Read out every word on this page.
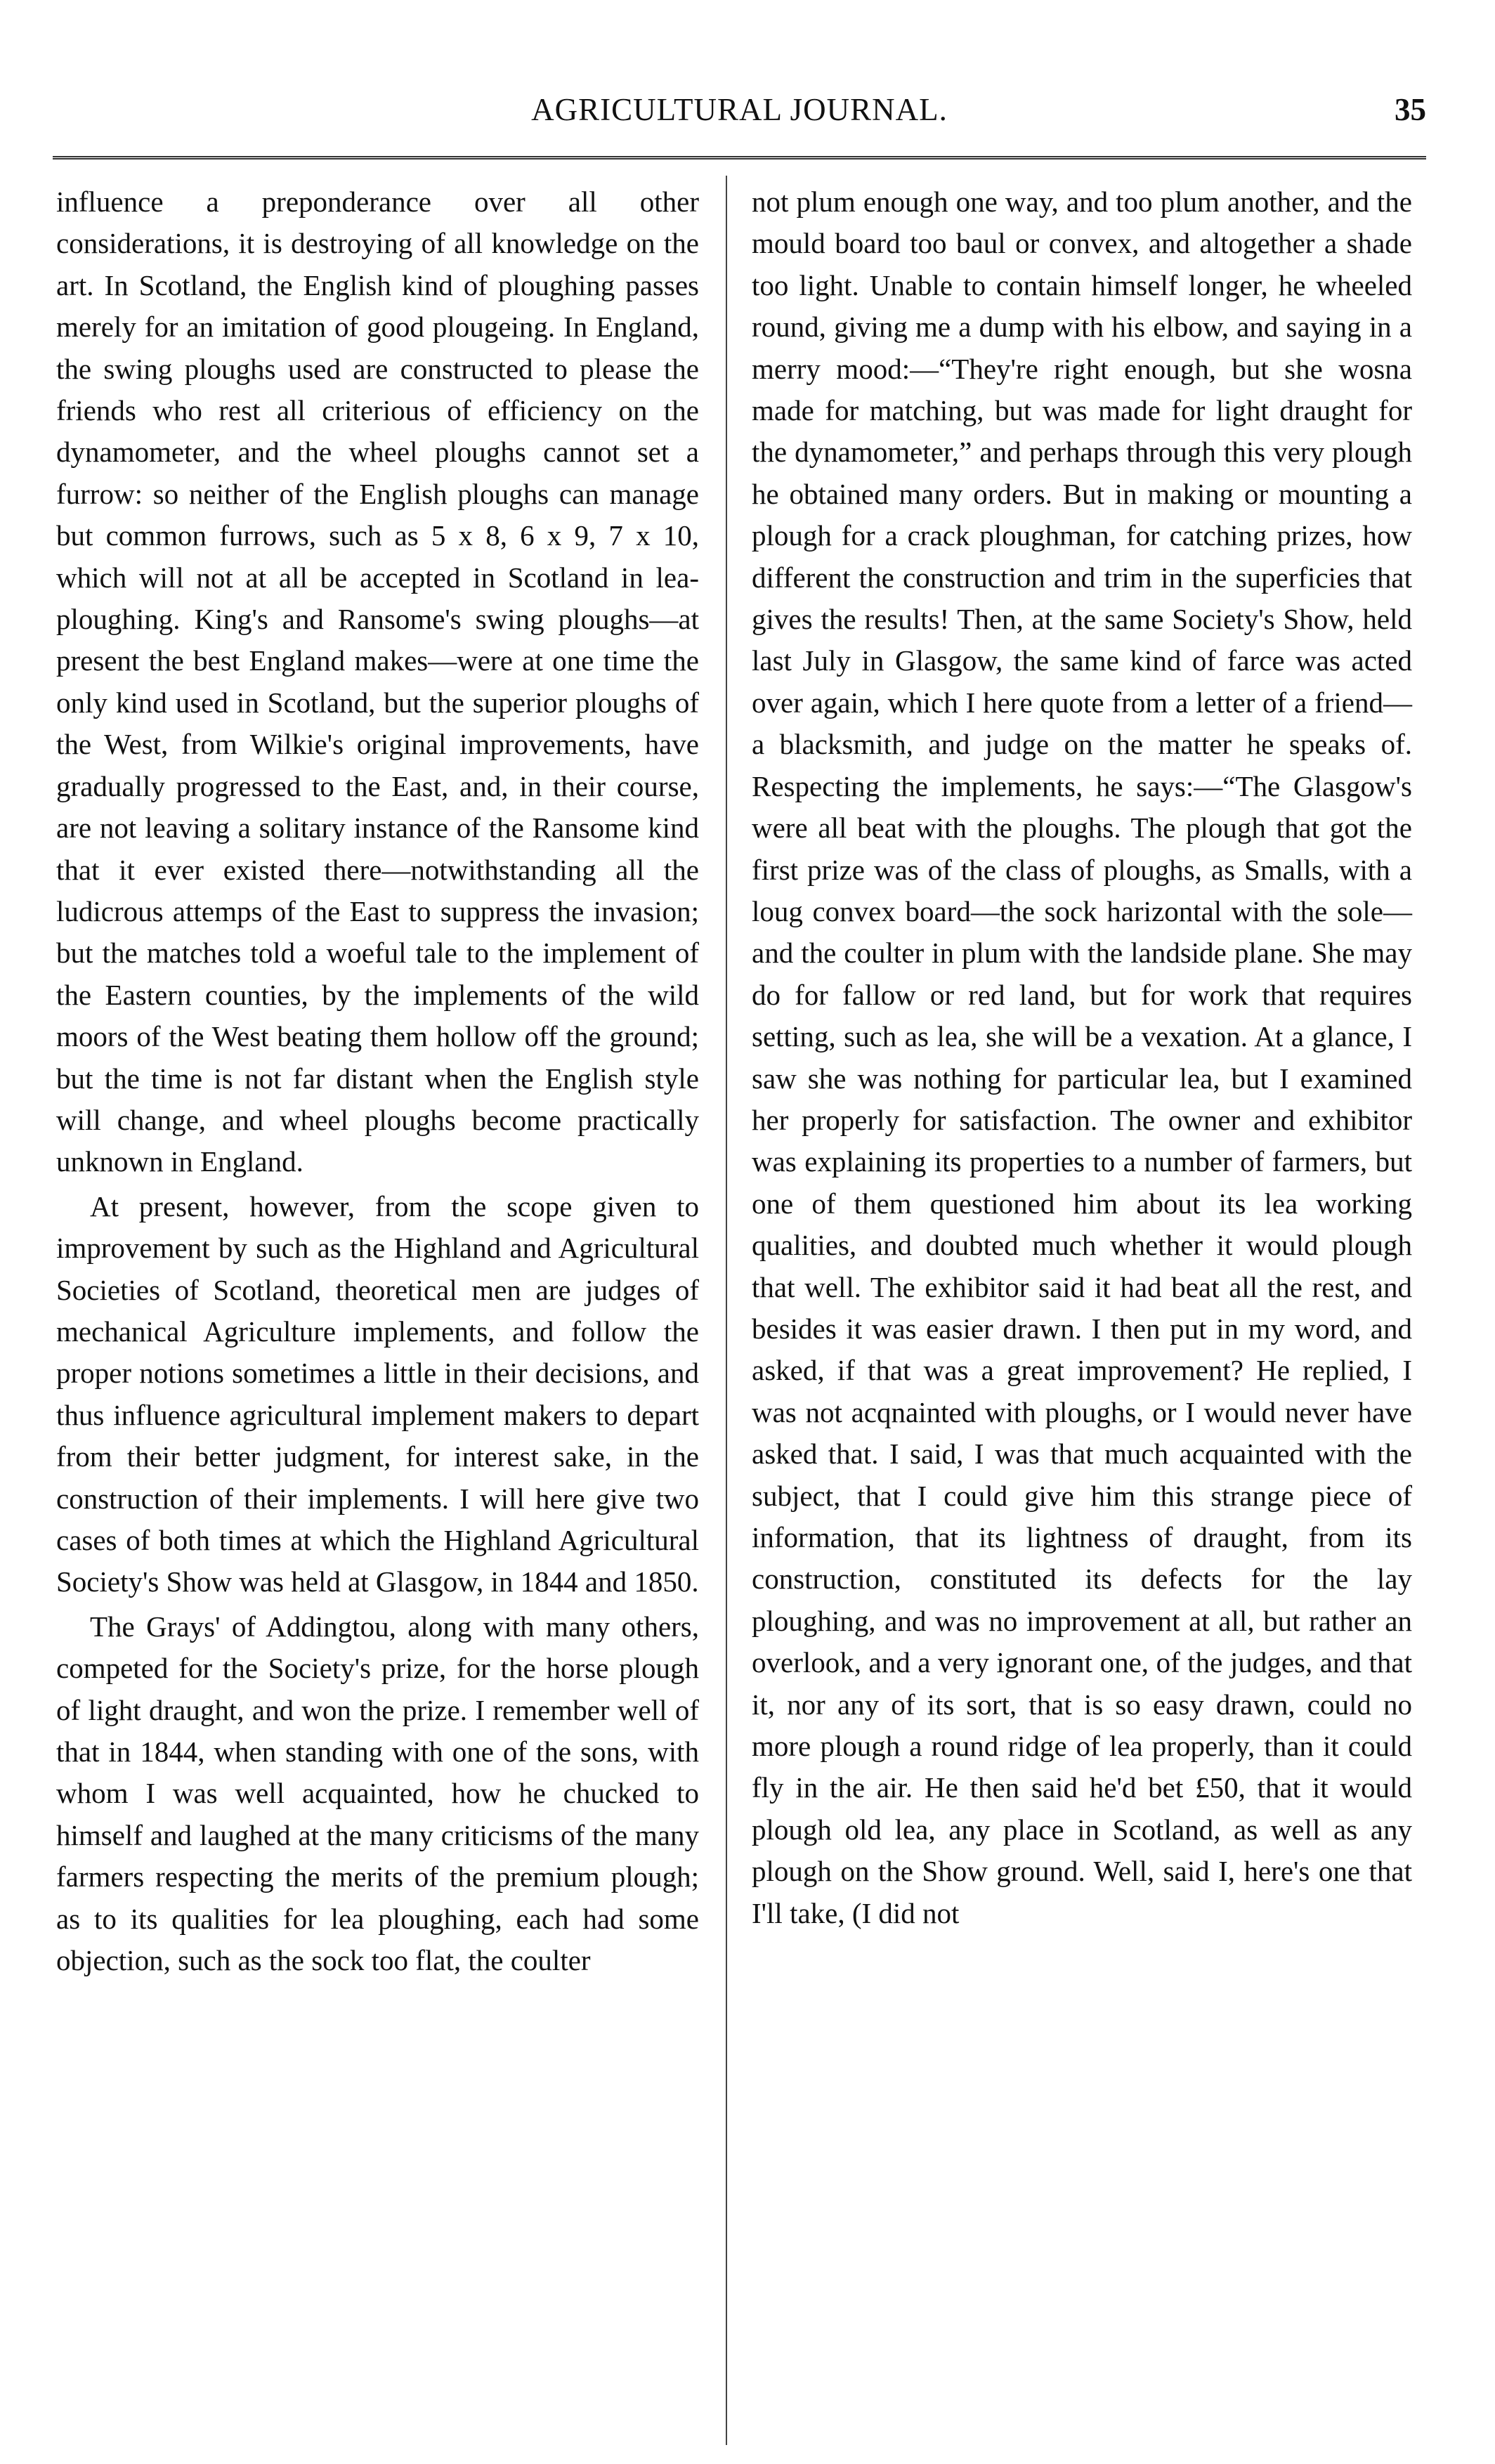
AGRICULTURAL JOURNAL.	35

influence a preponderance over all other considerations, it is destroying of all knowledge on the art. In Scotland, the English kind of ploughing passes merely for an imitation of good plougeing. In England, the swing ploughs used are constructed to please the friends who rest all criterious of efficiency on the dynamometer, and the wheel ploughs cannot set a furrow: so neither of the English ploughs can manage but common furrows, such as 5 x 8, 6 x 9, 7 x 10, which will not at all be accepted in Scotland in lea-ploughing. King's and Ransome's swing ploughs—at present the best England makes—were at one time the only kind used in Scotland, but the superior ploughs of the West, from Wilkie's original improvements, have gradually progressed to the East, and, in their course, are not leaving a solitary instance of the Ransome kind that it ever existed there—notwithstanding all the ludicrous attemps of the East to suppress the invasion; but the matches told a woeful tale to the implement of the Eastern counties, by the implements of the wild moors of the West beating them hollow off the ground; but the time is not far distant when the English style will change, and wheel ploughs become practically unknown in England.

At present, however, from the scope given to improvement by such as the Highland and Agricultural Societies of Scotland, theoretical men are judges of mechanical Agriculture implements, and follow the proper notions sometimes a little in their decisions, and thus influence agricultural implement makers to depart from their better judgment, for interest sake, in the construction of their implements. I will here give two cases of both times at which the Highland Agricultural Society's Show was held at Glasgow, in 1844 and 1850.

The Grays' of Addingtou, along with many others, competed for the Society's prize, for the horse plough of light draught, and won the prize. I remember well of that in 1844, when standing with one of the sons, with whom I was well acquainted, how he chucked to himself and laughed at the many criticisms of the many farmers respecting the merits of the premium plough; as to its qualities for lea ploughing, each had some objection, such as the sock too flat, the coulter

not plum enough one way, and too plum another, and the mould board too baul or convex, and altogether a shade too light. Unable to contain himself longer, he wheeled round, giving me a dump with his elbow, and saying in a merry mood:—“They're right enough, but she wosna made for matching, but was made for light draught for the dynamometer,” and perhaps through this very plough he obtained many orders. But in making or mounting a plough for a crack ploughman, for catching prizes, how different the construction and trim in the superficies that gives the results! Then, at the same Society's Show, held last July in Glasgow, the same kind of farce was acted over again, which I here quote from a letter of a friend—a blacksmith, and judge on the matter he speaks of. Respecting the implements, he says:—“The Glasgow's were all beat with the ploughs. The plough that got the first prize was of the class of ploughs, as Smalls, with a loug convex board—the sock harizontal with the sole—and the coulter in plum with the landside plane. She may do for fallow or red land, but for work that requires setting, such as lea, she will be a vexation. At a glance, I saw she was nothing for particular lea, but I examined her properly for satisfaction. The owner and exhibitor was explaining its properties to a number of farmers, but one of them questioned him about its lea working qualities, and doubted much whether it would plough that well. The exhibitor said it had beat all the rest, and besides it was easier drawn. I then put in my word, and asked, if that was a great improvement? He replied, I was not acqnainted with ploughs, or I would never have asked that. I said, I was that much acquainted with the subject, that I could give him this strange piece of information, that its lightness of draught, from its construction, constituted its defects for the lay ploughing, and was no improvement at all, but rather an overlook, and a very ignorant one, of the judges, and that it, nor any of its sort, that is so easy drawn, could no more plough a round ridge of lea properly, than it could fly in the air. He then said he'd bet £50, that it would plough old lea, any place in Scotland, as well as any plough on the Show ground. Well, said I, here's one that I'll take, (I did not
